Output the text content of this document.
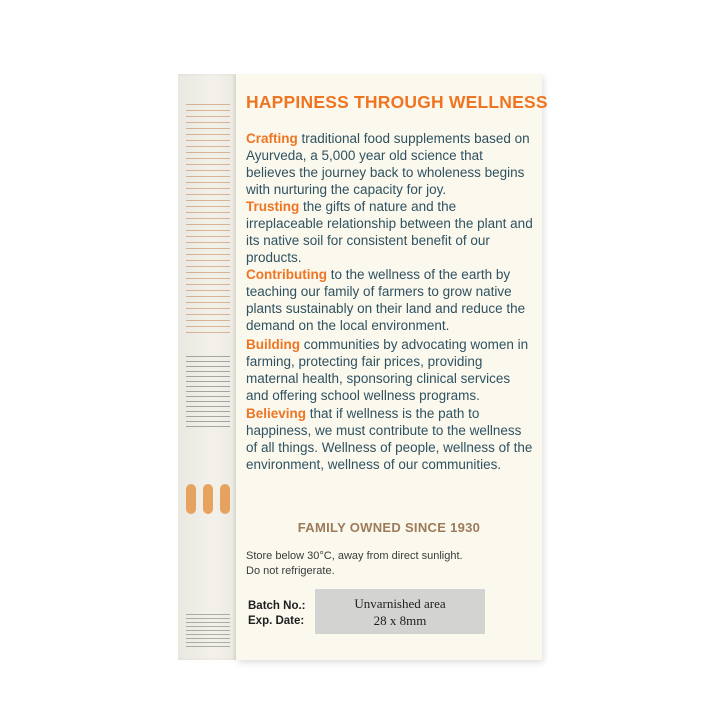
HAPPINESS THROUGH WELLNESS

Crafting traditional food supplements based on Ayurveda, a 5,000 year old science that believes the journey back to wholeness begins with nurturing the capacity for joy.

Trusting the gifts of nature and the irreplaceable relationship between the plant and its native soil for consistent benefit of our products.

Contributing to the wellness of the earth by teaching our family of farmers to grow native plants sustainably on their land and reduce the demand on the local environment.

Building communities by advocating women in farming, protecting fair prices, providing maternal health, sponsoring clinical services and offering school wellness programs.

Believing that if wellness is the path to happiness, we must contribute to the wellness of all things. Wellness of people, wellness of the environment, wellness of our communities.

FAMILY OWNED SINCE 1930
Store below 30°C, away from direct sunlight.
Do not refrigerate.
Batch No.:
Exp. Date:
Unvarnished area
28 x 8mm
